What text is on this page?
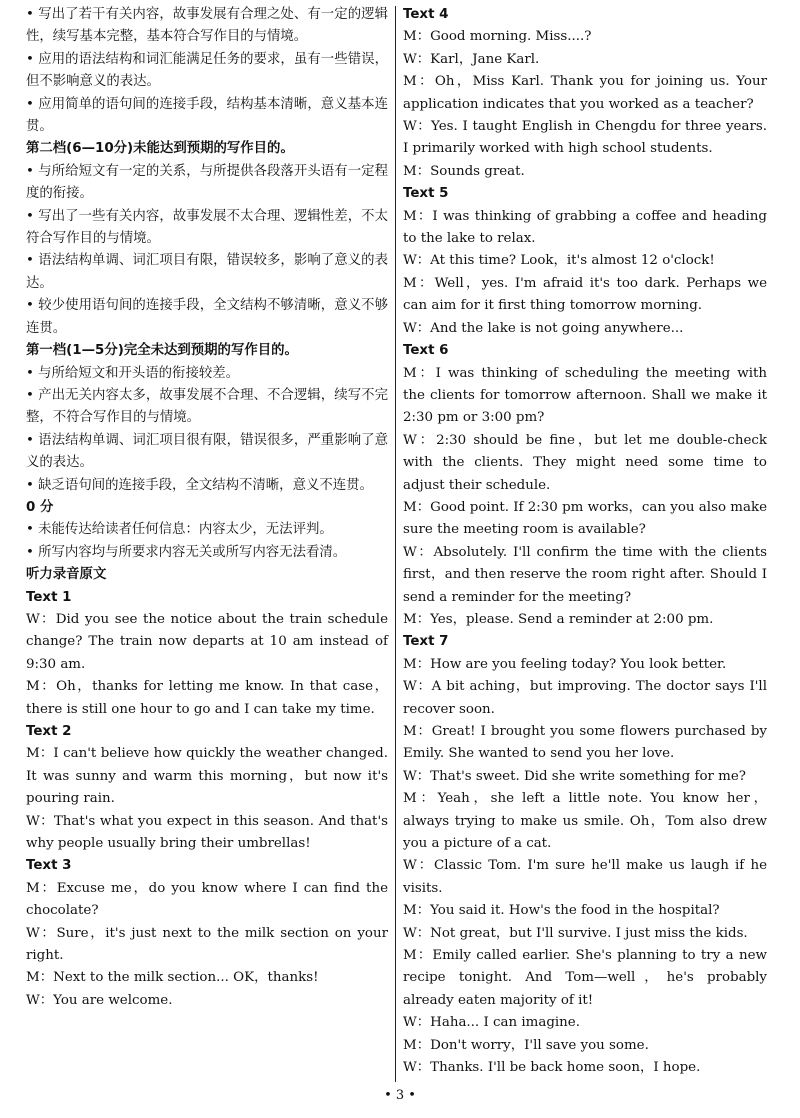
• 写出了若干有关内容，故事发展有合理之处、有一定的逻辑性，续写基本完整，基本符合写作目的与情境。

• 应用的语法结构和词汇能满足任务的要求，虽有一些错误，但不影响意义的表达。

• 应用简单的语句间的连接手段，结构基本清晰，意义基本连贯。

第二档(6—10分)未能达到预期的写作目的。

• 与所给短文有一定的关系，与所提供各段落开头语有一定程度的衔接。

• 写出了一些有关内容，故事发展不太合理、逻辑性差，不太符合写作目的与情境。

• 语法结构单调、词汇项目有限，错误较多，影响了意义的表达。

• 较少使用语句间的连接手段，全文结构不够清晰，意义不够连贯。

第一档(1—5分)完全未达到预期的写作目的。

• 与所给短文和开头语的衔接较差。

• 产出无关内容太多，故事发展不合理、不合逻辑，续写不完整，不符合写作目的与情境。

• 语法结构单调、词汇项目很有限，错误很多，严重影响了意义的表达。

• 缺乏语句间的连接手段，全文结构不清晰，意义不连贯。

0 分

• 未能传达给读者任何信息：内容太少，无法评判。

• 所写内容均与所要求内容无关或所写内容无法看清。

听力录音原文

Text 1

W：Did you see the notice about the train schedule change? The train now departs at 10 am instead of 9:30 am.

M：Oh，thanks for letting me know. In that case，there is still one hour to go and I can take my time.

Text 2

M：I can't believe how quickly the weather changed. It was sunny and warm this morning，but now it's pouring rain.

W：That's what you expect in this season. And that's why people usually bring their umbrellas!

Text 3

M：Excuse me，do you know where I can find the chocolate?

W：Sure，it's just next to the milk section on your right.

M：Next to the milk section... OK，thanks!

W：You are welcome.

Text 4

M：Good morning. Miss....?

W：Karl，Jane Karl.

M：Oh，Miss Karl. Thank you for joining us. Your application indicates that you worked as a teacher?

W：Yes. I taught English in Chengdu for three years. I primarily worked with high school students.

M：Sounds great.

Text 5

M：I was thinking of grabbing a coffee and heading to the lake to relax.

W：At this time? Look，it's almost 12 o'clock!

M：Well，yes. I'm afraid it's too dark. Perhaps we can aim for it first thing tomorrow morning.

W：And the lake is not going anywhere...

Text 6

M：I was thinking of scheduling the meeting with the clients for tomorrow afternoon. Shall we make it 2:30 pm or 3:00 pm?

W：2:30 should be fine，but let me double-check with the clients. They might need some time to adjust their schedule.

M：Good point. If 2:30 pm works，can you also make sure the meeting room is available?

W：Absolutely. I'll confirm the time with the clients first，and then reserve the room right after. Should I send a reminder for the meeting?

M：Yes，please. Send a reminder at 2:00 pm.

Text 7

M：How are you feeling today? You look better.

W：A bit aching，but improving. The doctor says I'll recover soon.

M：Great! I brought you some flowers purchased by Emily. She wanted to send you her love.

W：That's sweet. Did she write something for me?

M：Yeah，she left a little note. You know her，always trying to make us smile. Oh，Tom also drew you a picture of a cat.

W：Classic Tom. I'm sure he'll make us laugh if he visits.

M：You said it. How's the food in the hospital?

W：Not great，but I'll survive. I just miss the kids.

M：Emily called earlier. She's planning to try a new recipe tonight. And Tom—well，he's probably already eaten majority of it!

W：Haha... I can imagine.

M：Don't worry，I'll save you some.

W：Thanks. I'll be back home soon，I hope.

• 3 •
